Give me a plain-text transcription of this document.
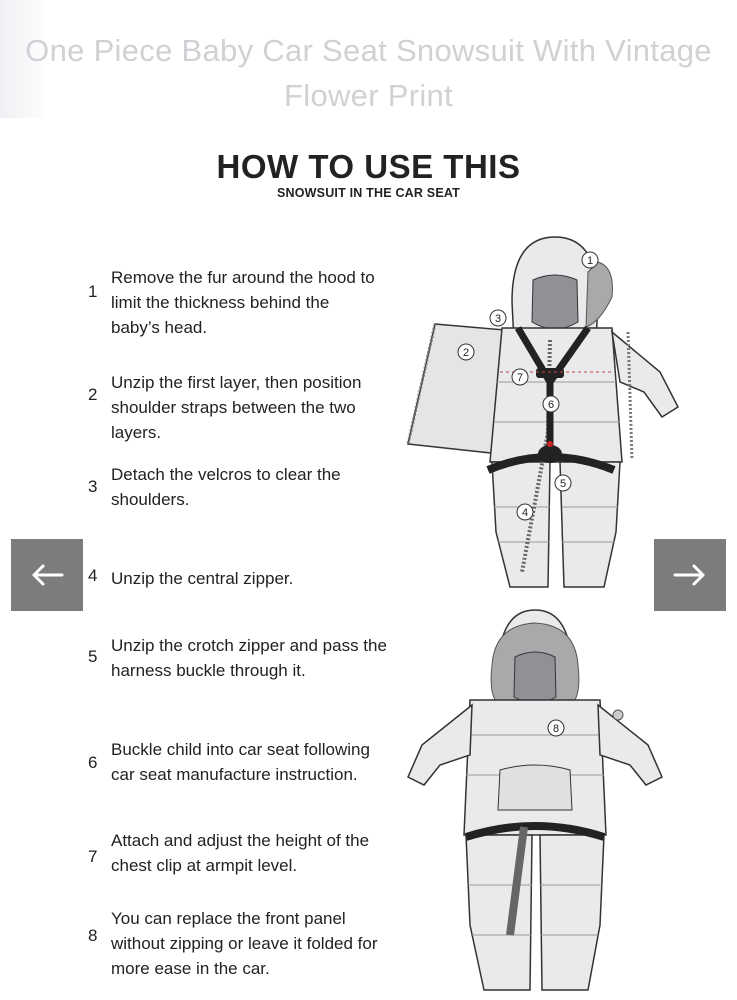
One Piece Baby Car Seat Snowsuit With Vintage Flower Print
HOW TO USE THIS
SNOWSUIT IN THE CAR SEAT
1
Remove the fur around the hood to limit the thickness behind the baby’s head.
2
Unzip the first layer, then position shoulder straps between the two layers.
3
Detach the velcros to clear the shoulders.
4 Unzip the central zipper.
5
Unzip the crotch zipper and pass the harness buckle through it.
6
Buckle child into car seat following car seat manufacture instruction.
7
Attach and adjust the height of the chest clip at armpit level.
8
You can replace the front panel without zipping or leave it folded for more ease in the car.
1
2
3
4
5
6
7
8
